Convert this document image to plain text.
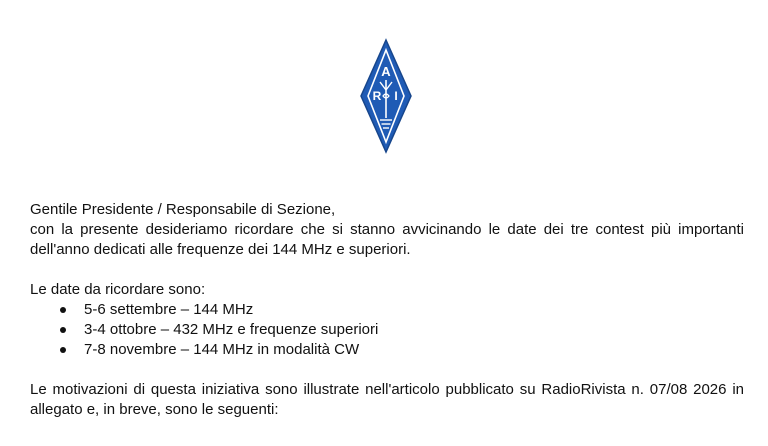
A
R I

Gentile Presidente / Responsabile di Sezione,

con la presente desideriamo ricordare che si stanno avvicinando le date dei tre contest più importanti dell'anno dedicati alle frequenze dei 144 MHz e superiori.

Le date da ricordare sono:

5-6 settembre – 144 MHz
3-4 ottobre – 432 MHz e frequenze superiori
7-8 novembre – 144 MHz in modalità CW

Le motivazioni di questa iniziativa sono illustrate nell'articolo pubblicato su RadioRivista n. 07/08 2026 in allegato e, in breve, sono le seguenti:
